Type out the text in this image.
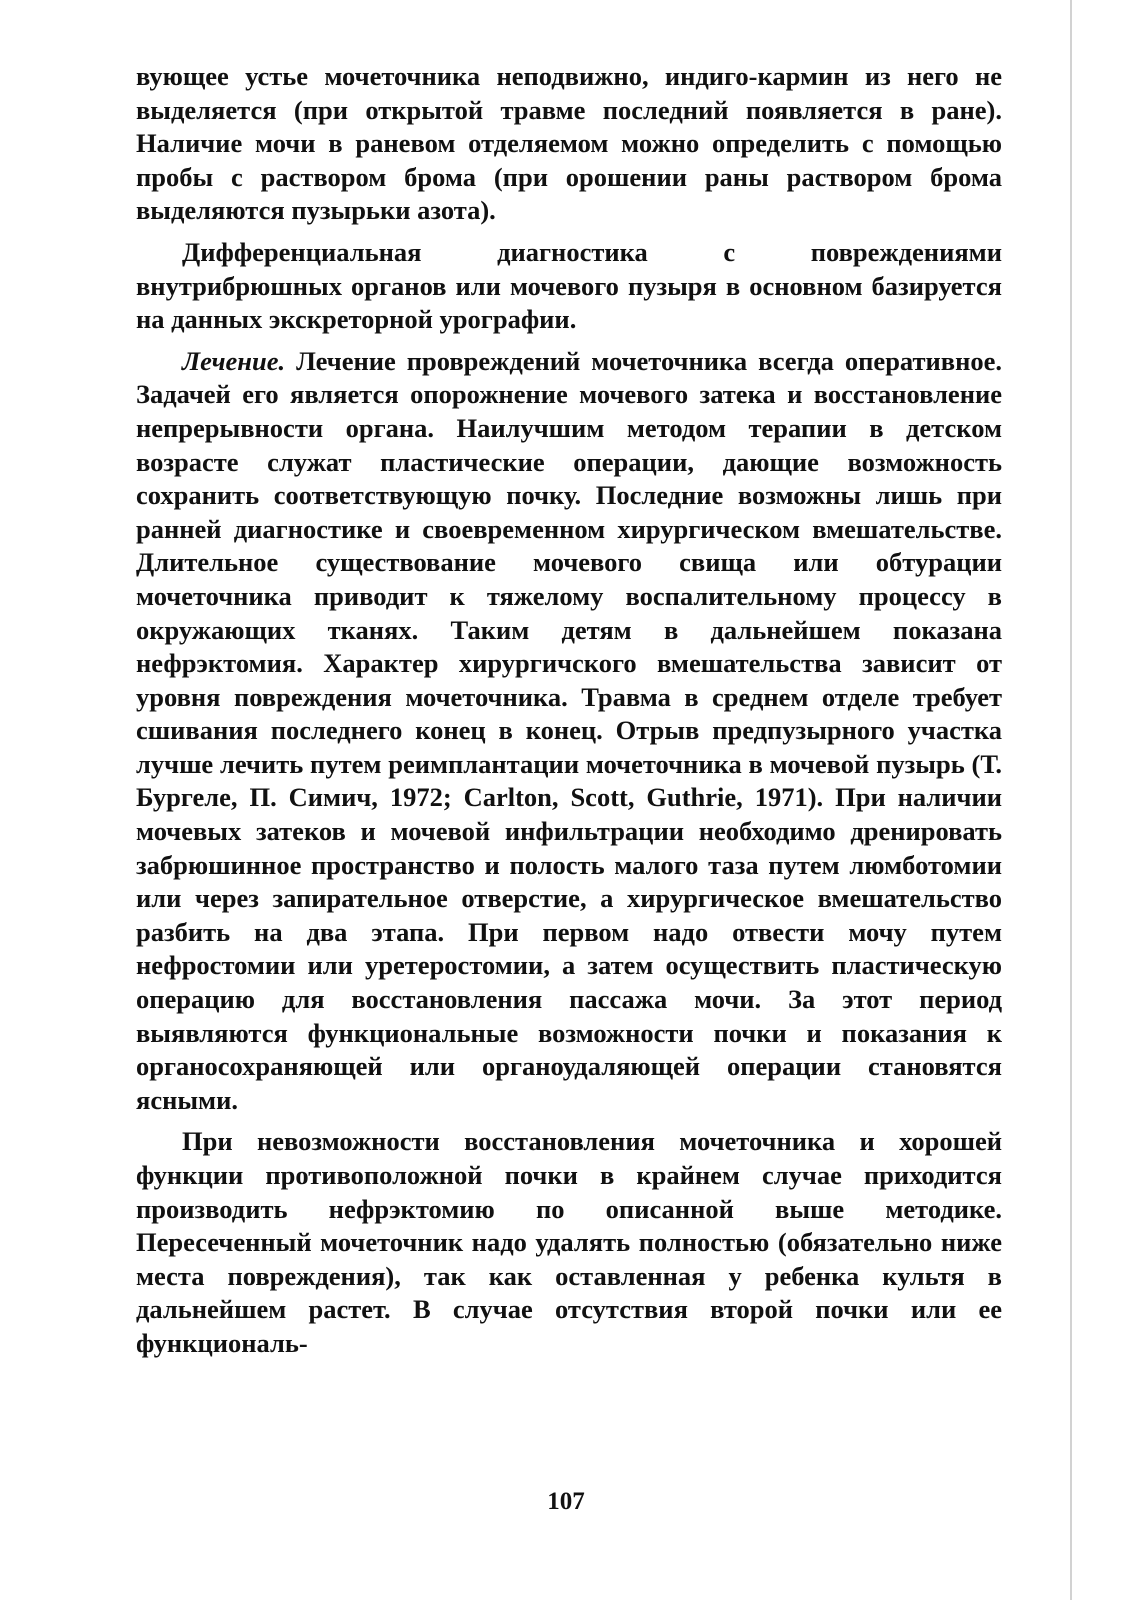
вующее устье мочеточника неподвижно, индиго-кармин из него не выделяется (при открытой травме последний появляется в ране). Наличие мочи в раневом отделяемом можно определить с помощью пробы с раствором брома (при орошении раны раствором брома выделяются пузырьки азота).

Дифференциальная диагностика с повреждениями внутрибрюшных органов или мочевого пузыря в основном базируется на данных экскреторной урографии.

Лечение. Лечение провреждений мочеточника всегда оперативное. Задачей его является опорожнение мочевого затека и восстановление непрерывности органа. Наилучшим методом терапии в детском возрасте служат пластические операции, дающие возможность сохранить соответствующую почку. Последние возможны лишь при ранней диагностике и своевременном хирургическом вмешательстве. Длительное существование мочевого свища или обтурации мочеточника приводит к тяжелому воспалительному процессу в окружающих тканях. Таким детям в дальнейшем показана нефрэктомия. Характер хирургичского вмешательства зависит от уровня повреждения мочеточника. Травма в среднем отделе требует сшивания последнего конец в конец. Отрыв предпузырного участка лучше лечить путем реимплантации мочеточника в мочевой пузырь (Т. Бургеле, П. Симич, 1972; Carlton, Scott, Guthrie, 1971). При наличии мочевых затеков и мочевой инфильтрации необходимо дренировать забрюшинное пространство и полость малого таза путем люмботомии или через запирательное отверстие, а хирургическое вмешательство разбить на два этапа. При первом надо отвести мочу путем нефростомии или уретеростомии, а затем осуществить пластическую операцию для восстановления пассажа мочи. За этот период выявляются функциональные возможности почки и показания к органосохраняющей или органоудаляющей операции становятся ясными.

При невозможности восстановления мочеточника и хорошей функции противоположной почки в крайнем случае приходится производить нефрэктомию по описанной выше методике. Пересеченный мочеточник надо удалять полностью (обязательно ниже места повреждения), так как оставленная у ребенка культя в дальнейшем растет. В случае отсутствия второй почки или ее функциональ-

107
